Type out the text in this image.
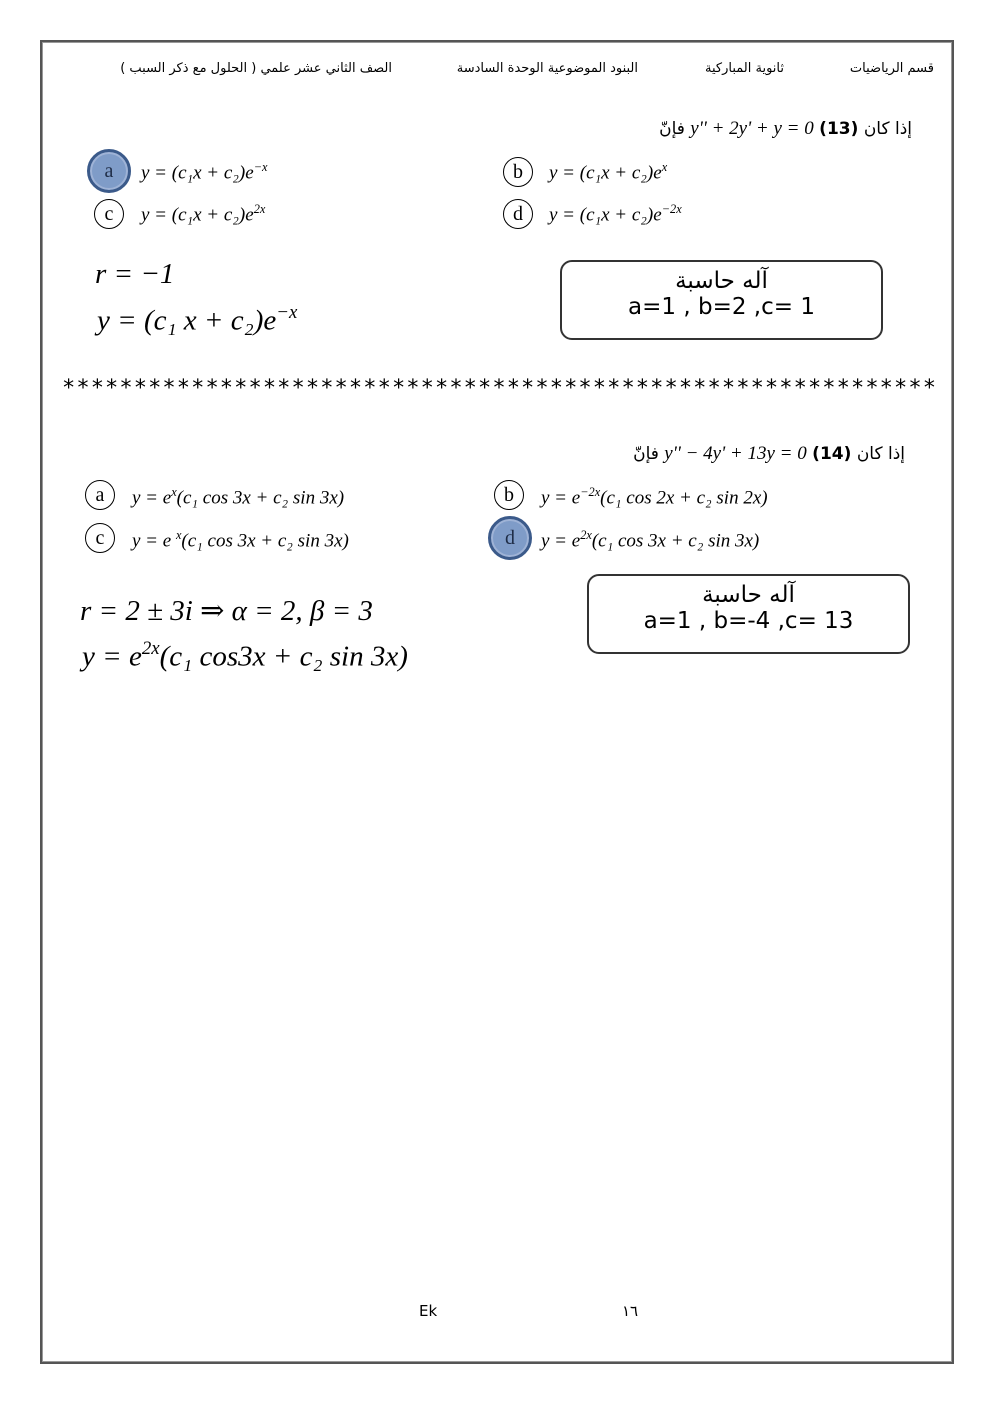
قسم الرياضيات
ثانوية المباركية
البنود الموضوعية الوحدة السادسة
الصف الثاني عشر علمي ( الحلول مع ذكر السبب )
فإنّ y'' + 2y' + y = 0	إذا كان (13)
a	$y = (c_1x + c_2)e^{-x}$	b	$y = (c_1x + c_2)e^x$
c	$y = (c_1x + c_2)e^{2x}$	d	$y = (c_1x + c_2)e^{-2x}$
r = −1
y = (c₁ $x + c_2)e^{-x}$
آله حاسبة
a=1 , b=2 ,c= 1
*************************************************************
فإنّ y'' − 4y' + 13y = 0	إذا كان (14)
a	$y = e^x(c_1$ cos 3x + c₂ sin 3x)	b	$y = e^{-2x}(c_1$ cos 2x + c₂ sin 2x)
c	y = e $^x$(c₁ cos 3x + c₂ sin 3x)	d	$y = e^{2x}(c_1$ cos 3x + c₂ sin 3x)
r = 2 ± 3i ⇒ α = 2, β = 3
$y = e^{2x}(c_1$ cos3x + c₂ sin 3x)
آله حاسبة
a=1 , b=-4 ,c= 13
Ek	١٦
